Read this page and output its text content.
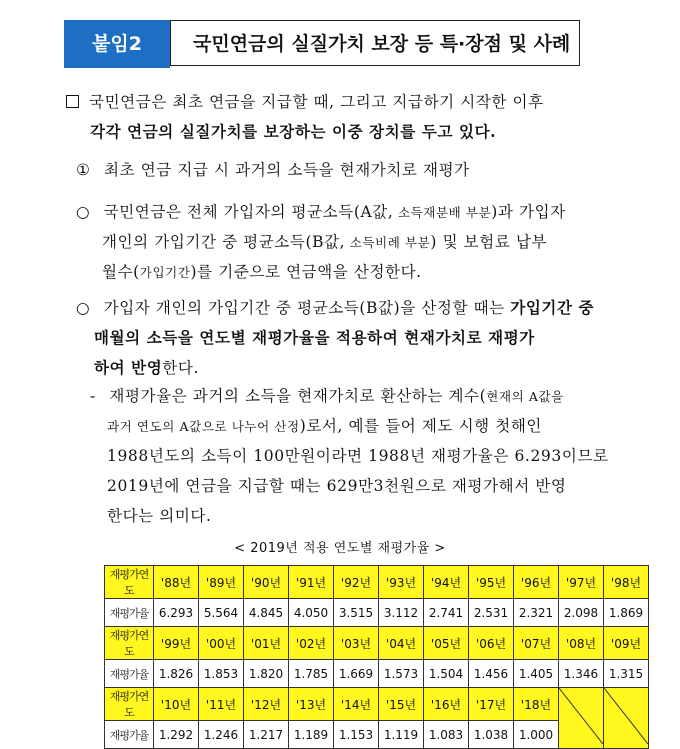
붙임2	국민연금의 실질가치 보장 등 특·장점 및 사례
국민연금은 최초 연금을 지급할 때, 그리고 지급하기 시작한 이후
각각 연금의 실질가치를 보장하는 이중 장치를 두고 있다.
① 최초 연금 지급 시 과거의 소득을 현재가치로 재평가
○ 국민연금은 전체 가입자의 평균소득(A값, 소득재분배 부분)과 가입자
개인의 가입기간 중 평균소득(B값, 소득비례 부분) 및 보험료 납부
월수(가입기간)를 기준으로 연금액을 산정한다.
○ 가입자 개인의 가입기간 중 평균소득(B값)을 산정할 때는 가입기간 중
매월의 소득을 연도별 재평가율을 적용하여 현재가치로 재평가
하여 반영한다.
- 재평가율은 과거의 소득을 현재가치로 환산하는 계수(현재의 A값을
과거 연도의 A값으로 나누어 산정)로서, 예를 들어 제도 시행 첫해인
1988년도의 소득이 100만원이라면 1988년 재평가율은 6.293이므로
2019년에 연금을 지급할 때는 629만3천원으로 재평가해서 반영
한다는 의미다.
< 2019년 적용 연도별 재평가율 >
재평가연도	'88년	'89년	'90년	'91년	'92년	'93년	'94년	'95년	'96년	'97년	'98년
재평가율	6.293	5.564	4.845	4.050	3.515	3.112	2.741	2.531	2.321	2.098	1.869
재평가연도	'99년	'00년	'01년	'02년	'03년	'04년	'05년	'06년	'07년	'08년	'09년
재평가율	1.826	1.853	1.820	1.785	1.669	1.573	1.504	1.456	1.405	1.346	1.315
재평가연도	'10년	'11년	'12년	'13년	'14년	'15년	'16년	'17년	'18년	

재평가율	1.292	1.246	1.217	1.189	1.153	1.119	1.083	1.038	1.000		
